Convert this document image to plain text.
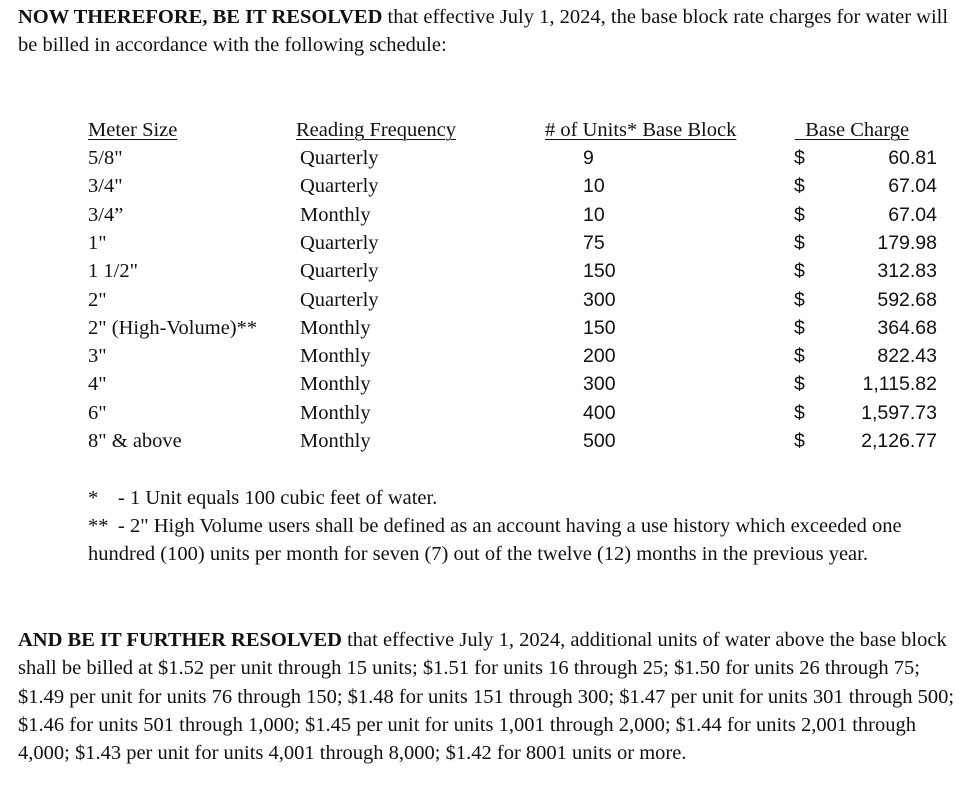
NOW THEREFORE, BE IT RESOLVED that effective July 1, 2024, the base block rate charges for water will be billed in accordance with the following schedule:

Meter Size	Reading Frequency	# of Units* Base Block	Base Charge
5/8"	Quarterly	9	$	60.81
3/4"	Quarterly	10	$	67.04
3/4”	Monthly	10	$	67.04
1"	Quarterly	75	$	179.98
1 1/2"	Quarterly	150	$	312.83
2"	Quarterly	300	$	592.68
2" (High-Volume)** Monthly	150	$	364.68
3"	Monthly	200	$	822.43
4"	Monthly	300	$	1,115.82
6"	Monthly	400	$	1,597.73
8" & above	Monthly	500	$	2,126.77

* - 1 Unit equals 100 cubic feet of water.

** - 2" High Volume users shall be defined as an account having a use history which exceeded one hundred (100) units per month for seven (7) out of the twelve (12) months in the previous year.

AND BE IT FURTHER RESOLVED that effective July 1, 2024, additional units of water above the base block shall be billed at $1.52 per unit through 15 units; $1.51 for units 16 through 25; $1.50 for units 26 through 75; $1.49 per unit for units 76 through 150; $1.48 for units 151 through 300; $1.47 per unit for units 301 through 500; $1.46 for units 501 through 1,000; $1.45 per unit for units 1,001 through 2,000; $1.44 for units 2,001 through 4,000; $1.43 per unit for units 4,001 through 8,000; $1.42 for 8001 units or more.
